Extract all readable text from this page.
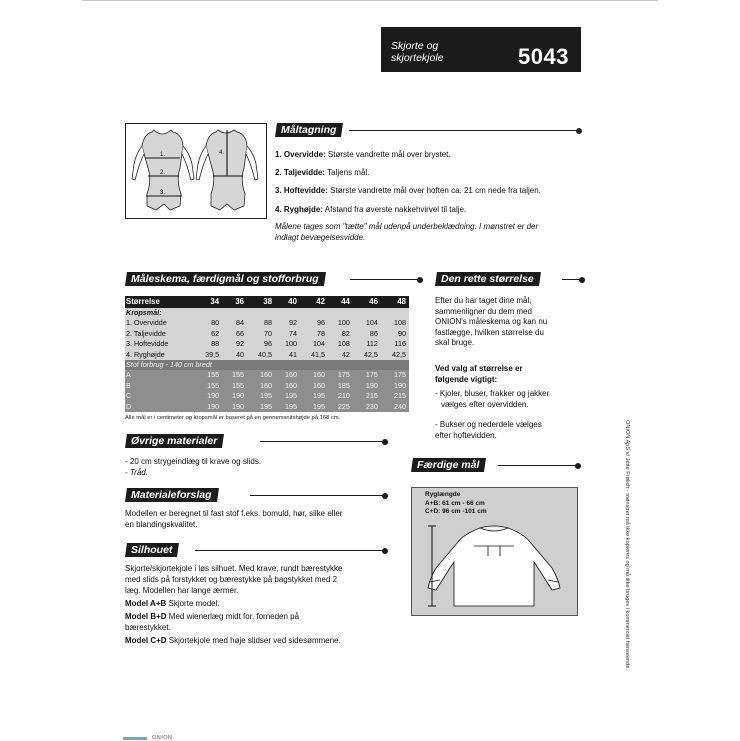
Skjorte og
skjortekjole	5043
1.
2.
3.
4.
Måltagning
1. Overvidde: Største vandrette mål over brystet.
2. Taljevidde: Taljens mål.
3. Hoftevidde: Største vandrette mål over hoften ca. 21 cm nede fra taljen.
4. Ryghøjde: Afstand fra øverste nakkehvirvel til talje.
Målene tages som "tætte" mål udenpå underbeklædning. I mønstret er der
indlagt bevægelsesvidde.
Måleskema, færdigmål og stofforbrug
Størrelse	34	36	38	40	42	44	46	48
Kropsmål:								
1. Overvidde	80	84	88	92	96	100	104	108
2. Taljevidde	62	66	70	74	78	82	86	90
3. Hoftevidde	88	92	96	100	104	108	112	116
4. Ryghøjde	39,5	40	40,5	41	41,5	42	42,5	42,5
Stof forbrug - 140 cm bredt								
A	155	155	160	160	160	175	175	175
B	155	155	160	160	160	185	190	190
C	190	190	195	195	195	210	215	215
D	190	190	195	195	195	225	230	240
Alle mål er i centimeter og kropsmål er baseret på en gennemsnitshøjde på 168 cm.
Øvrige materialer
- 20 cm strygeindlæg til krave og slids.
- Tråd.
Materialeforslag
Modellen er beregnet til fast stof f.eks. bomuld, hør, silke eller
en blandingskvalitet.
Silhouet
Skjorte/skjortekjole i løs silhuet. Med krave, rundt bærestykke
med slids på forstykket og bærestykke på bagstykket med 2
læg. Modellen har lange ærmer.
Model A+B Skjorte model.
Model B+D Med wienerlæg midt for, forneden på
bærestykket.
Model C+D Skjortekjole med høje slidser ved sidesømmene.
Den rette størrelse
Efter du har taget dine mål,
sammenligner du dem med
ONION's måleskema og kan nu
fastlægge, hvilken størrelse du
skal bruge.
Ved valg af størrelse er
følgende vigtigt:
- Kjoler, bluser, frakker og jakker
vælges efter overvidden.
- Bukser og nederdele vælges
efter hoftevidden.
Færdige mål
Ryglængde
A+B: 61 cm - 66 cm
C+D: 96 cm -101 cm	ONION ApS v/ Jette Frølich - mønstret må ikke kopieres og må ikke bruges i kommerciel henseende.
ONION
